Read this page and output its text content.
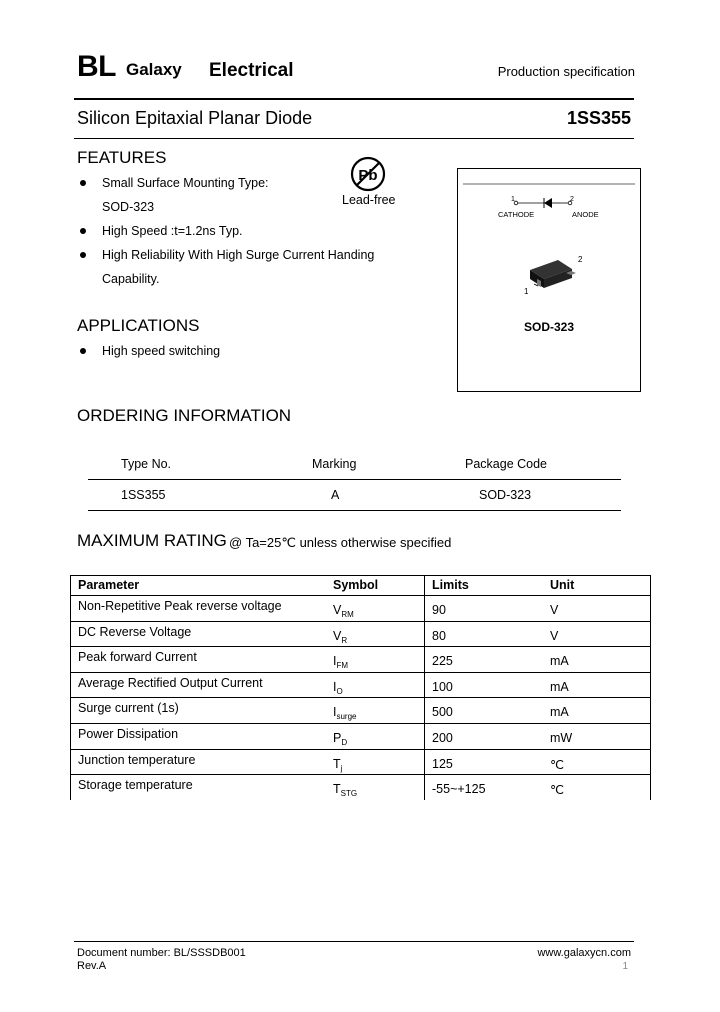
BL Galaxy Electrical	Production specification
Silicon Epitaxial Planar Diode	1SS355
FEATURES
Small Surface Mounting Type:
SOD-323
High Speed :t=1.2ns Typ.
High Reliability With High Surge Current Handing
Capability.
Pb
Lead-free	1	2
CATHODE	ANODE
2
1
SOD-323
APPLICATIONS
High speed switching
ORDERING INFORMATION
Type No.	Marking	Package Code
1SS355	A	SOD-323
MAXIMUM RATING @ Ta=25℃ unless otherwise specified
Parameter	Symbol	Limits	Unit
Non-Repetitive Peak reverse voltage	$V_{RM}$	90	V
DC Reverse Voltage	$V_R$	80	V
Peak forward Current	$I_{FM}$	225	mA
Average Rectified Output Current	$I_O$	100	mA
Surge current (1s)	$I_{surge}$	500	mA
Power Dissipation	$P_D$	200	mW
Junction temperature	$T_j$	125	℃
Storage temperature	$T_{STG}$	-55~+125	℃
Document number: BL/SSSDB001
Rev.A
www.galaxycn.com
1
